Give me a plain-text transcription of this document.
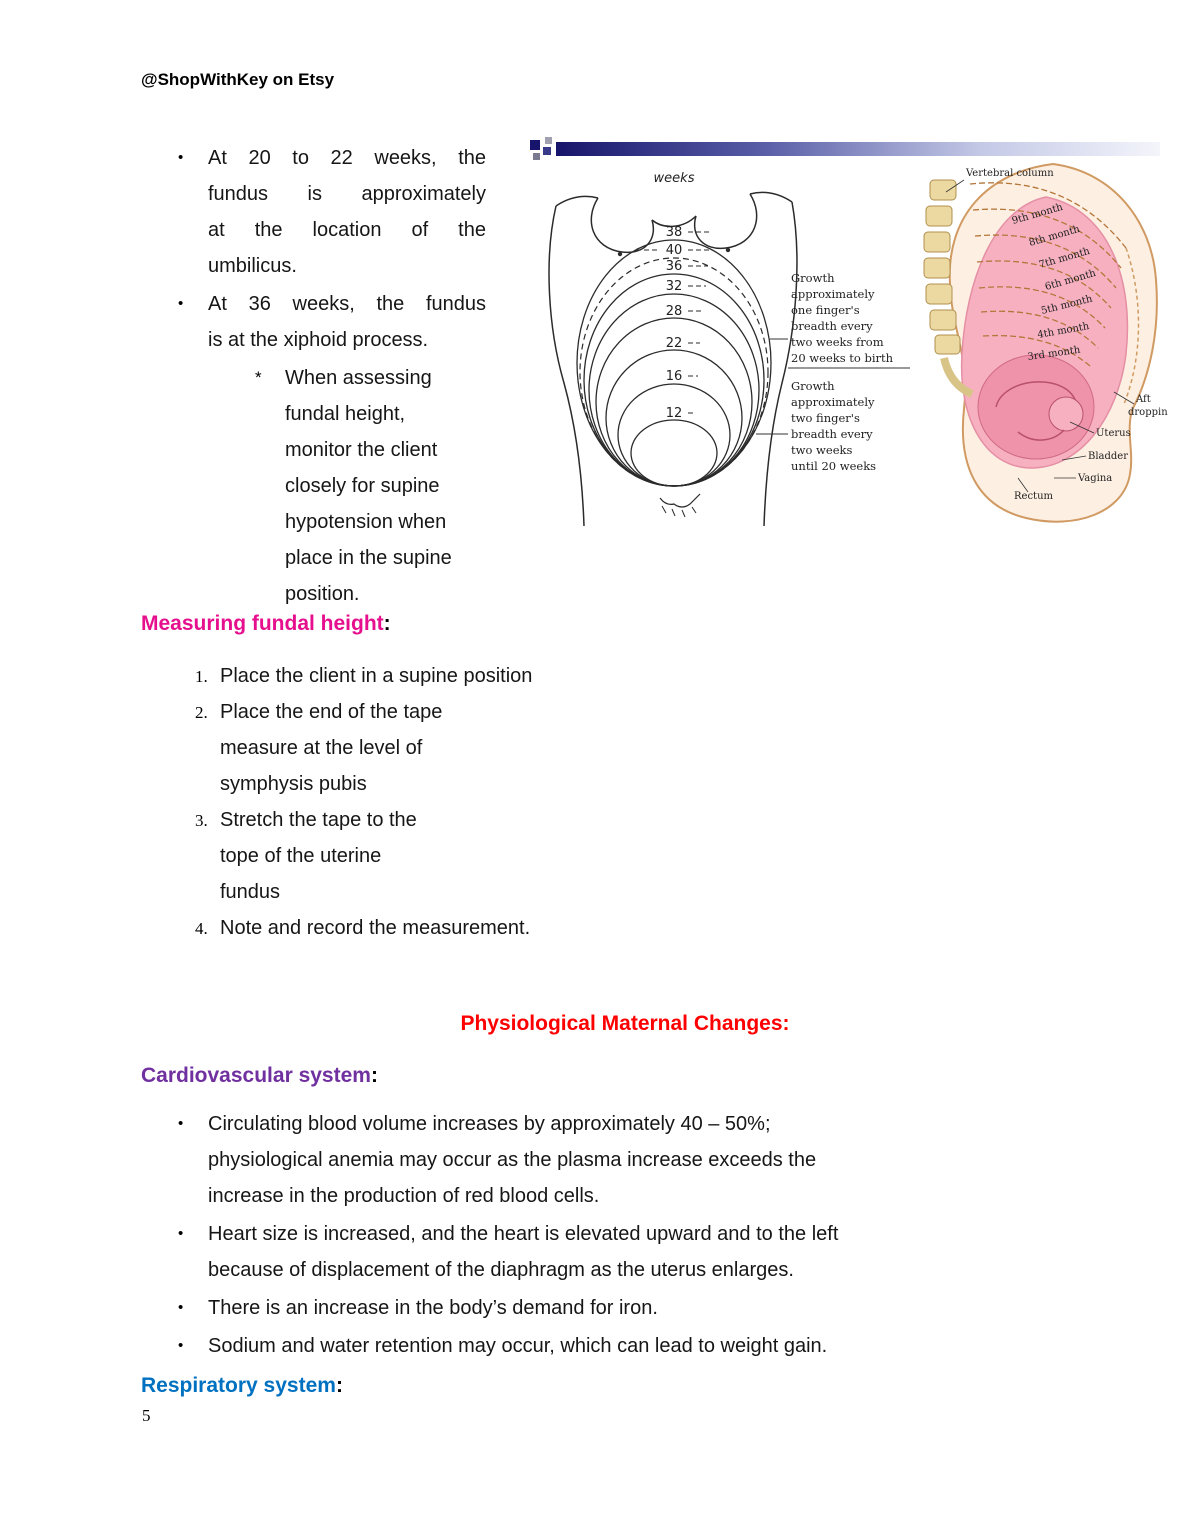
@ShopWithKey on Etsy
•	At 20 to 22 weeks, the
fundus is approximately
at the location of the
umbilicus.
•	At 36 weeks, the fundus
is at the xiphoid process.
* When assessing
fundal height,
monitor the client
closely for supine
hypotension when
place in the supine
position.
weeks
38
40
36
32
28
22
16
12
Growth
approximately
one finger's
breadth every
two weeks from
20 weeks to birth
Growth
approximately
two finger's
breadth every
two weeks
until 20 weeks
9th month
8th month
7th month
6th month
5th month
4th month
3rd month
Vertebral column
Aft
droppin
Uterus
Bladder
Vagina
Rectum
Measuring fundal height:
1. Place the client in a supine position
2. Place the end of the tape
measure at the level of
symphysis pubis
3. Stretch the tape to the
tope of the uterine
fundus
4. Note and record the measurement.
Physiological Maternal Changes:
Cardiovascular system:
•	Circulating blood volume increases by approximately 40 – 50%;
physiological anemia may occur as the plasma increase exceeds the
increase in the production of red blood cells.
•	Heart size is increased, and the heart is elevated upward and to the left
because of displacement of the diaphragm as the uterus enlarges.
•	There is an increase in the body’s demand for iron.
•	Sodium and water retention may occur, which can lead to weight gain.
Respiratory system:
5
